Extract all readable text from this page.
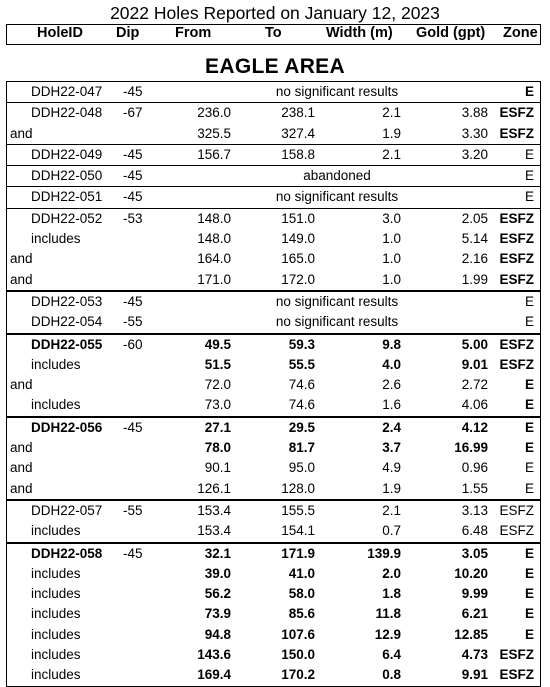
2022 Holes Reported on January 12, 2023
HoleID Dip From	To	Width (m) Gold (gpt) Zone
EAGLE AREA
DDH22-047 -45	no significant results	E
DDH22-048 -67	236.0	238.1	2.1	3.88 ESFZ
and	325.5	327.4	1.9	3.30 ESFZ
DDH22-049 -45	156.7	158.8	2.1	3.20	E
DDH22-050 -45	abandoned	E
DDH22-051 -45	no significant results	E
DDH22-052 -53	148.0	151.0	3.0	2.05 ESFZ
includes	148.0	149.0	1.0	5.14 ESFZ
and	164.0	165.0	1.0	2.16 ESFZ
and	171.0	172.0	1.0	1.99 ESFZ
DDH22-053 -45	no significant results	E
DDH22-054 -55	no significant results	E
DDH22-055 -60	49.5	59.3	9.8	5.00 ESFZ
includes	51.5	55.5	4.0	9.01 ESFZ
and	72.0	74.6	2.6	2.72	E
includes	73.0	74.6	1.6	4.06	E
DDH22-056 -45	27.1	29.5	2.4	4.12	E
and	78.0	81.7	3.7	16.99	E
and	90.1	95.0	4.9	0.96	E
and	126.1	128.0	1.9	1.55	E
DDH22-057 -55	153.4	155.5	2.1	3.13 ESFZ
includes	153.4	154.1	0.7	6.48 ESFZ
DDH22-058 -45	32.1	171.9	139.9	3.05	E
includes	39.0	41.0	2.0	10.20	E
includes	56.2	58.0	1.8	9.99	E
includes	73.9	85.6	11.8	6.21	E
includes	94.8	107.6	12.9	12.85	E
includes	143.6	150.0	6.4	4.73 ESFZ
includes	169.4	170.2	0.8	9.91 ESFZ
